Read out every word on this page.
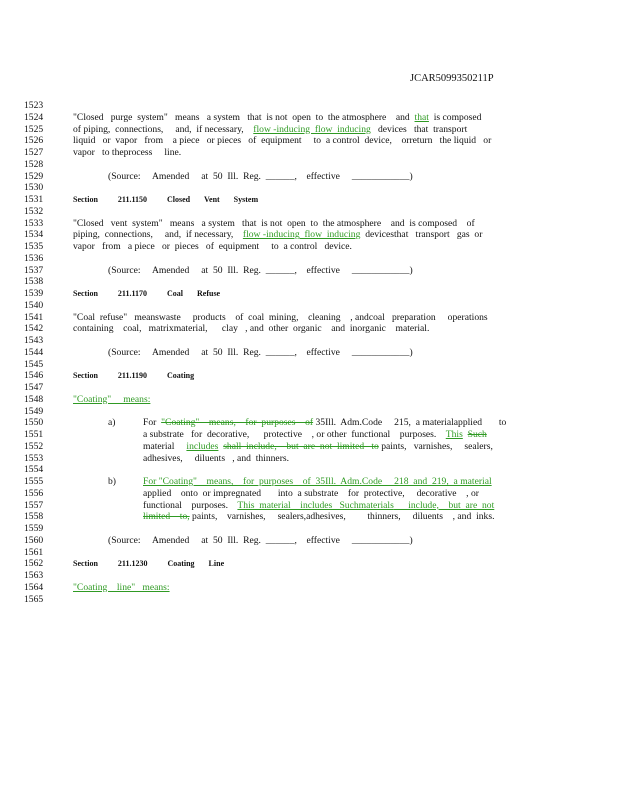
JCAR5099350211P
1523
1524	"Closed   purge  system"   means   a system   that  is not  open  to  the atmosphere    and  that  is composed
1525	of piping,  connections,     and,  if necessary,    flow -inducing  flow  inducing   devices   that  transport
1526	liquid   or  vapor   from    a piece   or pieces   of  equipment     to  a control  device,    orreturn   the liquid   or
1527	vapor   to theprocess     line.
1528
1529	(Source:     Amended     at  50  Ill.  Reg.  ______,    effective     ____________)
1530
1531	Section          211.1150          Closed       Vent       System
1532
1533	"Closed   vent  system"   means   a system   that  is not  open  to  the atmosphere    and  is composed    of
1534	piping,  connections,     and,  if necessary,    flow -inducing  flow  inducing  devicesthat   transport   gas  or
1535	vapor   from   a piece   or  pieces   of  equipment     to  a control   device.
1536
1537	(Source:     Amended     at  50  Ill.  Reg.  ______,    effective     ____________)
1538
1539	Section          211.1170          Coal       Refuse
1540
1541	"Coal  refuse"   meanswaste     products    of  coal  mining,    cleaning    , andcoal   preparation     operations
1542	containing    coal,   matrixmaterial,      clay   , and  other  organic    and  inorganic    material.
1543
1544	(Source:     Amended     at  50  Ill.  Reg.  ______,    effective     ____________)
1545
1546	Section          211.1190          Coating
1547
1548	"Coating"     means:
1549
1550	a)	For  "Coating"    means,    for  purposes    of 35Ill.  Adm.Code     215,  a materialapplied       to
1551	a substrate   for  decorative,      protective    , or other  functional    purposes.    This Such
1552	material     includes shall  include,    but  are  not  limited   to paints,   varnishes,     sealers,
1553	adhesives,     diluents   , and  thinners.
1554
1555	b)	For "Coating"    means,    for  purposes    of  35Ill.  Adm.Code     218  and  219,  a material
1556	applied    onto  or impregnated       into  a substrate    for  protective,     decorative    , or
1557	functional    purposes.    This  material    includes   Suchmaterials      include,    but  are  not
1558	limited    to, paints,    varnishes,     sealers,adhesives,         thinners,     diluents    , and  inks.
1559
1560	(Source:     Amended     at  50  Ill.  Reg.  ______,    effective     ____________)
1561
1562	Section          211.1230          Coating       Line
1563
1564	"Coating    line"   means:
1565
